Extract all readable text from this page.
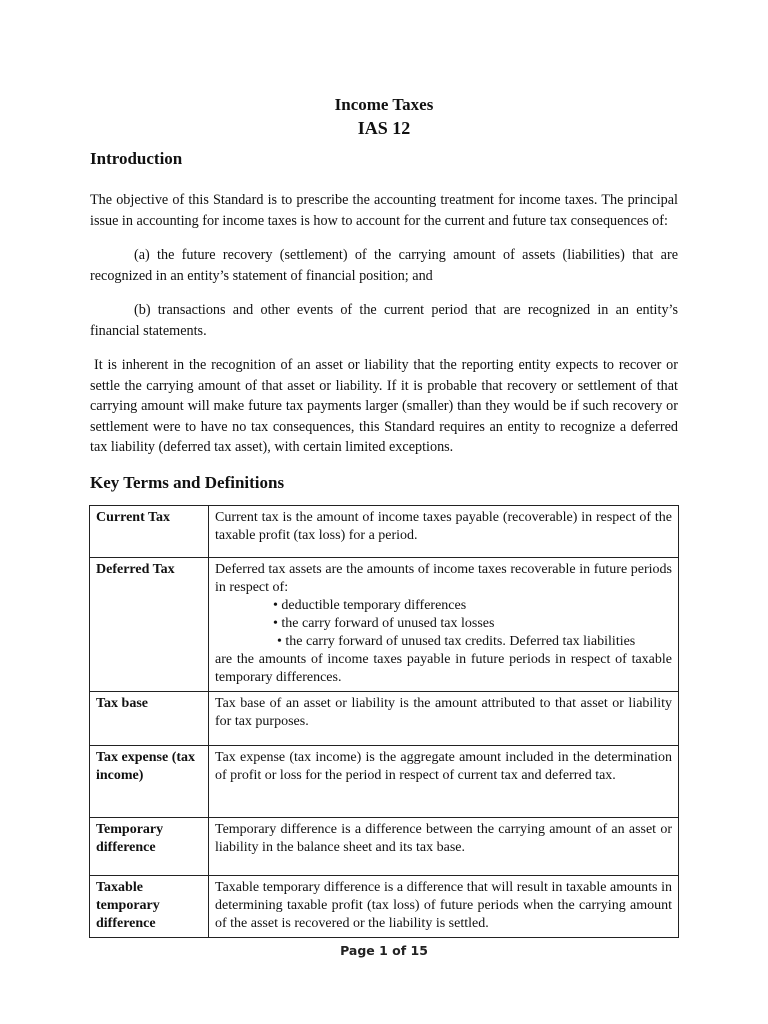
Income Taxes
IAS 12
Introduction

The objective of this Standard is to prescribe the accounting treatment for income taxes. The principal issue in accounting for income taxes is how to account for the current and future tax consequences of:

(a) the future recovery (settlement) of the carrying amount of assets (liabilities) that are recognized in an entity’s statement of financial position; and

(b) transactions and other events of the current period that are recognized in an entity’s financial statements.

It is inherent in the recognition of an asset or liability that the reporting entity expects to recover or settle the carrying amount of that asset or liability. If it is probable that recovery or settlement of that carrying amount will make future tax payments larger (smaller) than they would be if such recovery or settlement were to have no tax consequences, this Standard requires an entity to recognize a deferred tax liability (deferred tax asset), with certain limited exceptions.

Key Terms and Definitions
Current Tax	Current tax is the amount of income taxes payable (recoverable) in respect of the taxable profit (tax loss) for a period.
Deferred Tax	Deferred tax assets are the amounts of income taxes recoverable in future periods in respect of:
• deductible temporary differences
• the carry forward of unused tax losses
• the carry forward of unused tax credits. Deferred tax liabilities
are the amounts of income taxes payable in future periods in respect of taxable temporary differences.
Tax base	Tax base of an asset or liability is the amount attributed to that asset or liability for tax purposes.
Tax expense (tax income)	Tax expense (tax income) is the aggregate amount included in the determination of profit or loss for the period in respect of current tax and deferred tax.
Temporary difference	Temporary difference is a difference between the carrying amount of an asset or liability in the balance sheet and its tax base.
Taxable temporary difference	Taxable temporary difference is a difference that will result in taxable amounts in determining taxable profit (tax loss) of future periods when the carrying amount of the asset is recovered or the liability is settled.
Page 1 of 15
